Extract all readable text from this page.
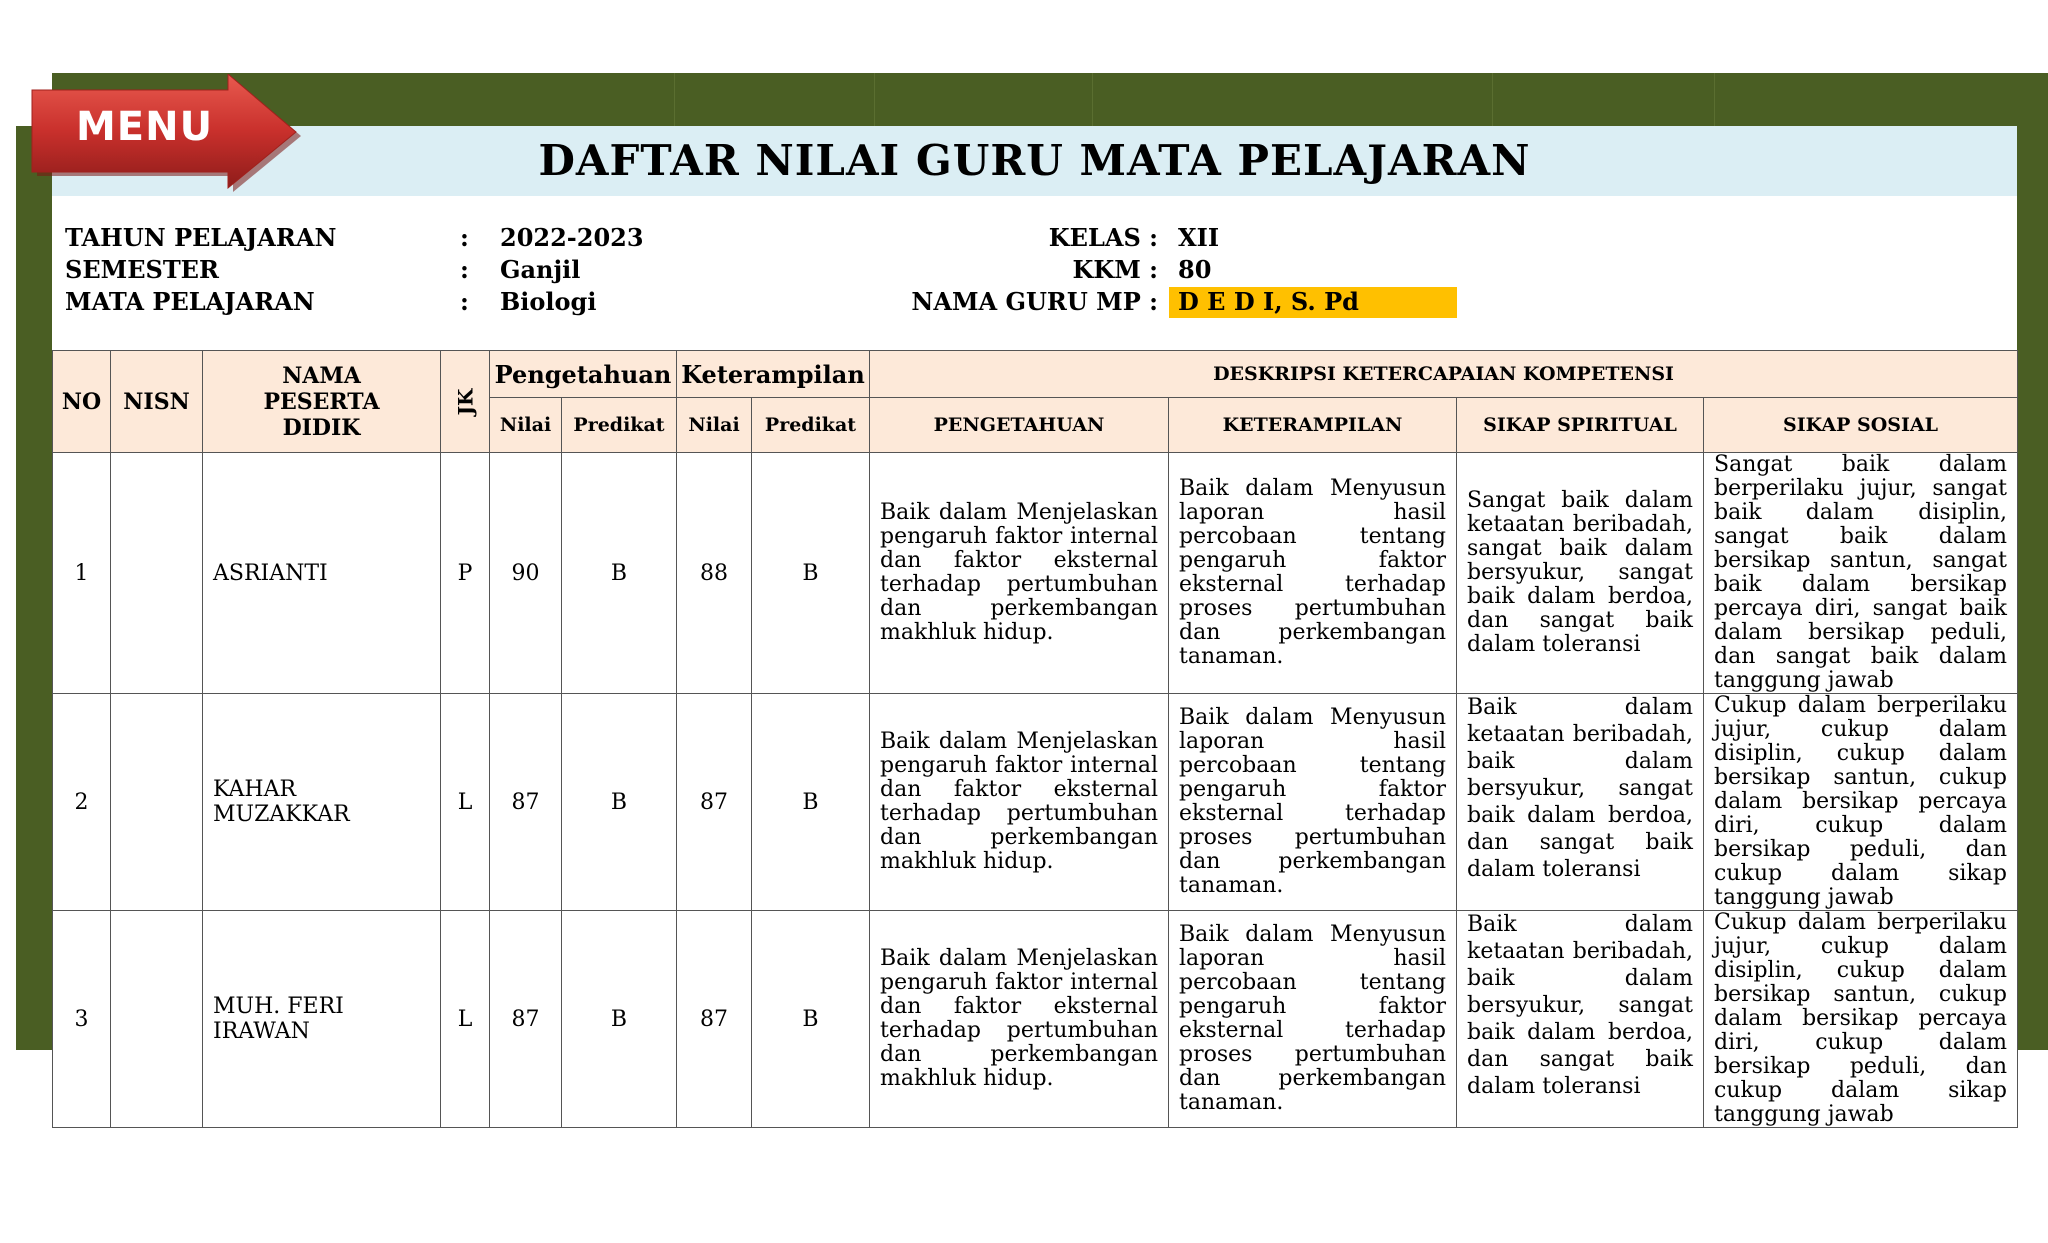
DAFTAR NILAI GURU MATA PELAJARAN
MENU
TAHUN PELAJARAN	: 2022-2023
SEMESTER	: Ganjil
MATA PELAJARAN	: Biologi
KELAS : XII
KKM : 80
NAMA GURU MP : D E D I, S. Pd
NO	NISN	NAMA PESERTA DIDIK	JK	Pengetahuan		Keterampilan		DESKRIPSI KETERCAPAIAN KOMPETENSI			
				Nilai	Predikat	Nilai	Predikat	PENGETAHUAN	KETERAMPILAN	SIKAP SPIRITUAL	SIKAP SOSIAL
1		ASRIANTI	P	90	B	88	B	Baik dalam Menjelaskan pengaruh faktor internal dan faktor eksternal terhadap pertumbuhan dan perkembangan makhluk hidup.	Baik dalam Menyusun laporan hasil percobaan tentang pengaruh faktor eksternal terhadap proses pertumbuhan dan perkembangan tanaman.	Sangat baik dalam ketaatan beribadah, sangat baik dalam bersyukur, sangat baik dalam berdoa, dan sangat baik dalam toleransi	Sangat baik dalam berperilaku jujur, sangat baik dalam disiplin, sangat baik dalam bersikap santun, sangat baik dalam bersikap percaya diri, sangat baik dalam bersikap peduli, dan sangat baik dalam tanggung jawab
2		KAHAR MUZAKKAR	L	87	B	87	B	Baik dalam Menjelaskan pengaruh faktor internal dan faktor eksternal terhadap pertumbuhan dan perkembangan makhluk hidup.	Baik dalam Menyusun laporan hasil percobaan tentang pengaruh faktor eksternal terhadap proses pertumbuhan dan perkembangan tanaman.	Baik dalam ketaatan beribadah, baik dalam bersyukur, sangat baik dalam berdoa, dan sangat baik dalam toleransi	Cukup dalam berperilaku jujur, cukup dalam disiplin, cukup dalam bersikap santun, cukup dalam bersikap percaya diri, cukup dalam bersikap peduli, dan cukup dalam sikap tanggung jawab
3		MUH. FERI IRAWAN	L	87	B	87	B	Baik dalam Menjelaskan pengaruh faktor internal dan faktor eksternal terhadap pertumbuhan dan perkembangan makhluk hidup.	Baik dalam Menyusun laporan hasil percobaan tentang pengaruh faktor eksternal terhadap proses pertumbuhan dan perkembangan tanaman.	Baik dalam ketaatan beribadah, baik dalam bersyukur, sangat baik dalam berdoa, dan sangat baik dalam toleransi	Cukup dalam berperilaku jujur, cukup dalam disiplin, cukup dalam bersikap santun, cukup dalam bersikap percaya diri, cukup dalam bersikap peduli, dan cukup dalam sikap tanggung jawab
